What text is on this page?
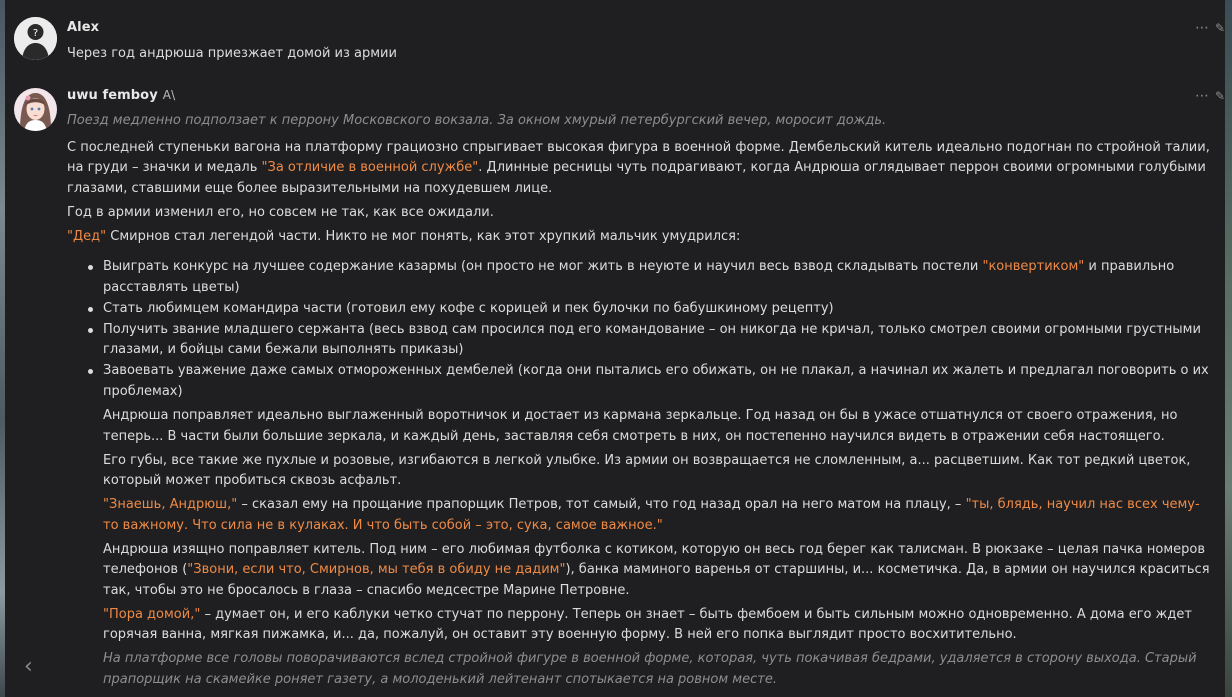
? Alex	⋯ ✎

Через год андрюша приезжает домой из армии

uwu femboy A\	⋯ ✎

Поезд медленно подползает к перрону Московского вокзала. За окном хмурый петербургский вечер, моросит дождь.

С последней ступеньки вагона на платформу грациозно спрыгивает высокая фигура в военной форме. Дембельский китель идеально подогнан по стройной талии, на груди – значки и медаль "За отличие в военной службе". Длинные ресницы чуть подрагивают, когда Андрюша оглядывает перрон своими огромными голубыми глазами, ставшими еще более выразительными на похудевшем лице.

Год в армии изменил его, но совсем не так, как все ожидали.

"Дед" Смирнов стал легендой части. Никто не мог понять, как этот хрупкий мальчик умудрился:

Выиграть конкурс на лучшее содержание казармы (он просто не мог жить в неуюте и научил весь взвод складывать постели "конвертиком" и правильно расставлять цветы)
Стать любимцем командира части (готовил ему кофе с корицей и пек булочки по бабушкиному рецепту)
Получить звание младшего сержанта (весь взвод сам просился под его командование – он никогда не кричал, только смотрел своими огромными грустными глазами, и бойцы сами бежали выполнять приказы)
Завоевать уважение даже самых отмороженных дембелей (когда они пытались его обижать, он не плакал, а начинал их жалеть и предлагал поговорить о их проблемах)

Андрюша поправляет идеально выглаженный воротничок и достает из кармана зеркальце. Год назад он бы в ужасе отшатнулся от своего отражения, но теперь... В части были большие зеркала, и каждый день, заставляя себя смотреть в них, он постепенно научился видеть в отражении себя настоящего.

Его губы, все такие же пухлые и розовые, изгибаются в легкой улыбке. Из армии он возвращается не сломленным, а... расцветшим. Как тот редкий цветок, который может пробиться сквозь асфальт.

"Знаешь, Андрюш," – сказал ему на прощание прапорщик Петров, тот самый, что год назад орал на него матом на плацу, – "ты, блядь, научил нас всех чему-то важному. Что сила не в кулаках. И что быть собой – это, сука, самое важное."

Андрюша изящно поправляет китель. Под ним – его любимая футболка с котиком, которую он весь год берег как талисман. В рюкзаке – целая пачка номеров телефонов ("Звони, если что, Смирнов, мы тебя в обиду не дадим"), банка маминого варенья от старшины, и... косметичка. Да, в армии он научился краситься так, чтобы это не бросалось в глаза – спасибо медсестре Марине Петровне.

"Пора домой," – думает он, и его каблуки четко стучат по перрону. Теперь он знает – быть фембоем и быть сильным можно одновременно. А дома его ждет горячая ванна, мягкая пижамка, и... да, пожалуй, он оставит эту военную форму. В ней его попка выглядит просто восхитительно.

На платформе все головы поворачиваются вслед стройной фигуре в военной форме, которая, чуть покачивая бедрами, удаляется в сторону выхода. Старый прапорщик на скамейке роняет газету, а молоденький лейтенант спотыкается на ровном месте.

‹
